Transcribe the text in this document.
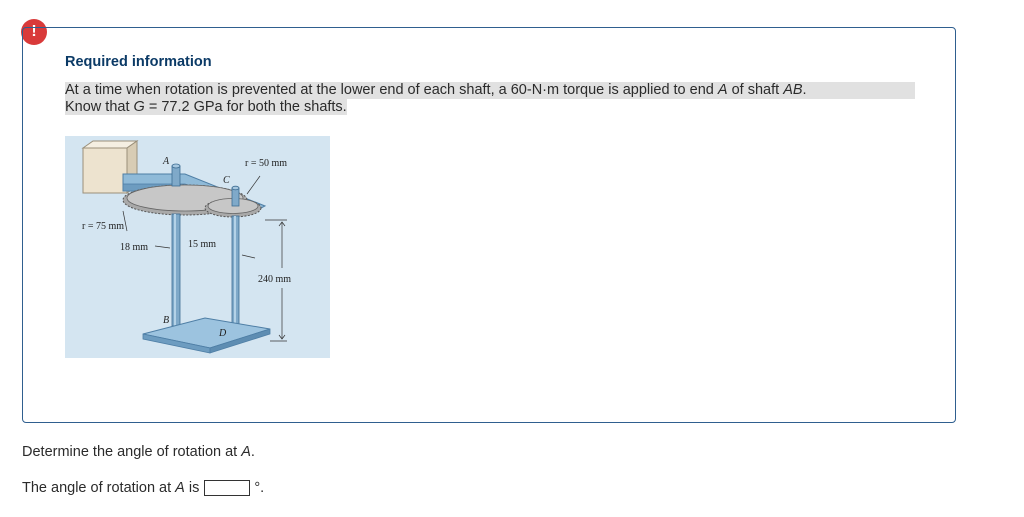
!
Required information

At a time when rotation is prevented at the lower end of each shaft, a 60-N·m torque is applied to end A of shaft AB.
Know that G = 77.2 GPa for both the shafts.

A
C
B
D
r = 50 mm
r = 75 mm
18 mm	15 mm
240 mm

Determine the angle of rotation at A.

The angle of rotation at A is	°.
